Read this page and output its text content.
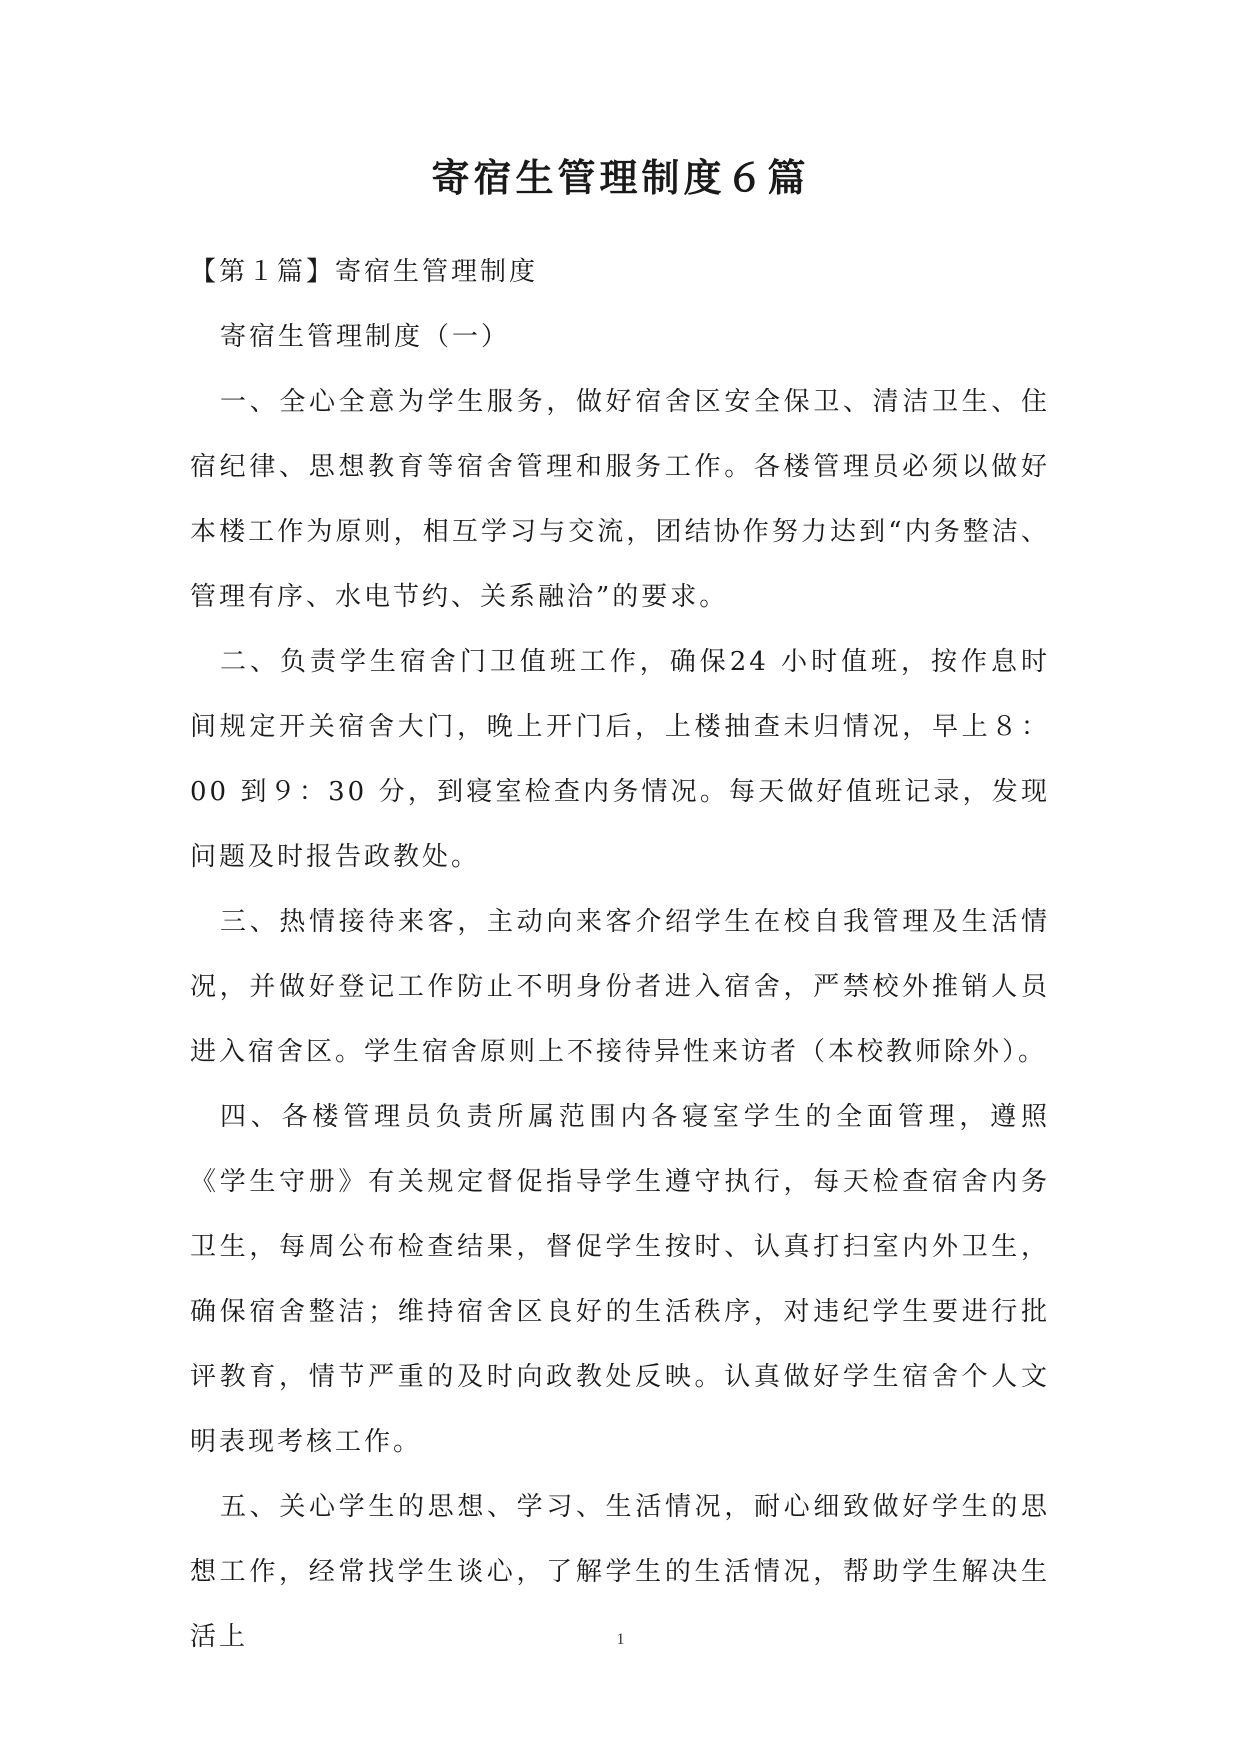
寄宿生管理制度６篇

【第１篇】寄宿生管理制度

寄宿生管理制度（一）

一、全心全意为学生服务，做好宿舍区安全保卫、清洁卫生、住宿纪律、思想教育等宿舍管理和服务工作。各楼管理员必须以做好本楼工作为原则，相互学习与交流，团结协作努力达到“内务整洁、管理有序、水电节约、关系融洽”的要求。

二、负责学生宿舍门卫值班工作，确保24 小时值班，按作息时间规定开关宿舍大门，晚上开门后，上楼抽查未归情况，早上８：00 到９：30 分，到寝室检查内务情况。每天做好值班记录，发现问题及时报告政教处。

三、热情接待来客，主动向来客介绍学生在校自我管理及生活情况，并做好登记工作防止不明身份者进入宿舍，严禁校外推销人员进入宿舍区。学生宿舍原则上不接待异性来访者（本校教师除外）。

四、各楼管理员负责所属范围内各寝室学生的全面管理，遵照《学生守册》有关规定督促指导学生遵守执行，每天检查宿舍内务卫生，每周公布检查结果，督促学生按时、认真打扫室内外卫生，确保宿舍整洁；维持宿舍区良好的生活秩序，对违纪学生要进行批评教育，情节严重的及时向政教处反映。认真做好学生宿舍个人文明表现考核工作。

五、关心学生的思想、学习、生活情况，耐心细致做好学生的思想工作，经常找学生谈心，了解学生的生活情况，帮助学生解决生活上	1
